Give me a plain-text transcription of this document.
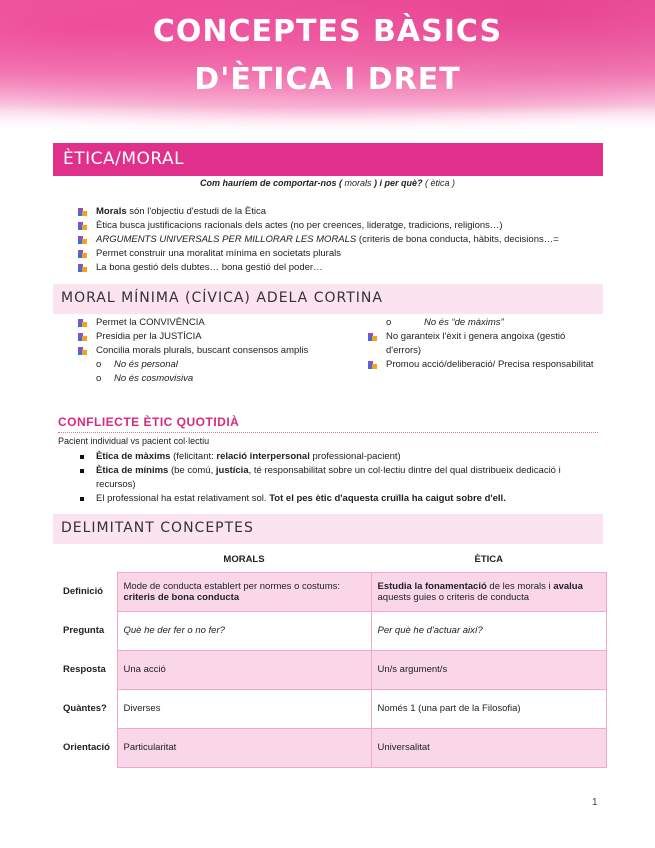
CONCEPTES BÀSICS
D'ÈTICA I DRET
ÈTICA/MORAL
Com hauríem de comportar-nos ( morals ) i per què? ( ètica )
Morals són l'objectiu d'estudi de la Ètica
Ètica busca justificacions racionals dels actes (no per creences, lideratge, tradicions, religions…)
ARGUMENTS UNIVERSALS PER MILLORAR LES MORALS (criteris de bona conducta, hàbits, decisions…=
Permet construir una moralitat mínima en societats plurals
La bona gestió dels dubtes… bona gestió del poder…
MORAL MÍNIMA (CÍVICA) ADELA CORTINA
Permet la CONVIVÈNCIA
Presidia per la JUSTÍCIA
Concilia morals plurals, buscant consensos amplis
o No és personal
o No és cosmovisiva
o No és “de màxims”
No garanteix l'èxit i genera angoixa (gestió d'errors)
Promou acció/deliberació/ Precisa responsabilitat
CONFLIECTE ÈTIC QUOTIDIÀ
Pacient individual vs pacient col·lectiu
Ètica de màxims (felicitant: relació interpersonal professional-pacient)
Ètica de mínims (be comú, justícia, té responsabilitat sobre un col·lectiu dintre del qual distribueix dedicació i recursos)
El professional ha estat relativament sol. Tot el pes ètic d'aquesta cruïlla ha caigut sobre d'ell.
DELIMITANT CONCEPTES
	MORALS	ÈTICA
Definició	Mode de conducta establert per normes o costums: criteris de bona conducta	Estudia la fonamentació de les morals i avalua aquests guies o criteris de conducta
Pregunta	Què he der fer o no fer?	Per què he d'actuar així?
Resposta	Una acció	Un/s argument/s
Quàntes?	Diverses	Només 1 (una part de la Filosofia)
Orientació	Particularitat	Universalitat
1
